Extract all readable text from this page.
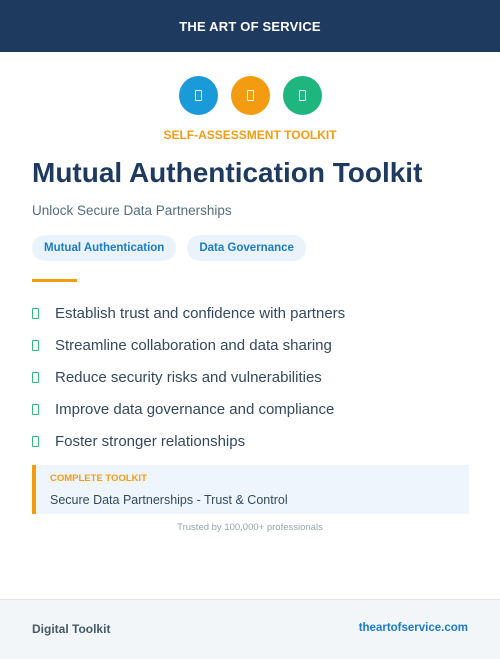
THE ART OF SERVICE
SELF-ASSESSMENT TOOLKIT
Mutual Authentication Toolkit
Unlock Secure Data Partnerships
Mutual Authentication	Data Governance
Establish trust and confidence with partners
Streamline collaboration and data sharing
Reduce security risks and vulnerabilities
Improve data governance and compliance
Foster stronger relationships
COMPLETE TOOLKIT
Secure Data Partnerships - Trust & Control
Trusted by 100,000+ professionals
Digital Toolkit	theartofservice.com
